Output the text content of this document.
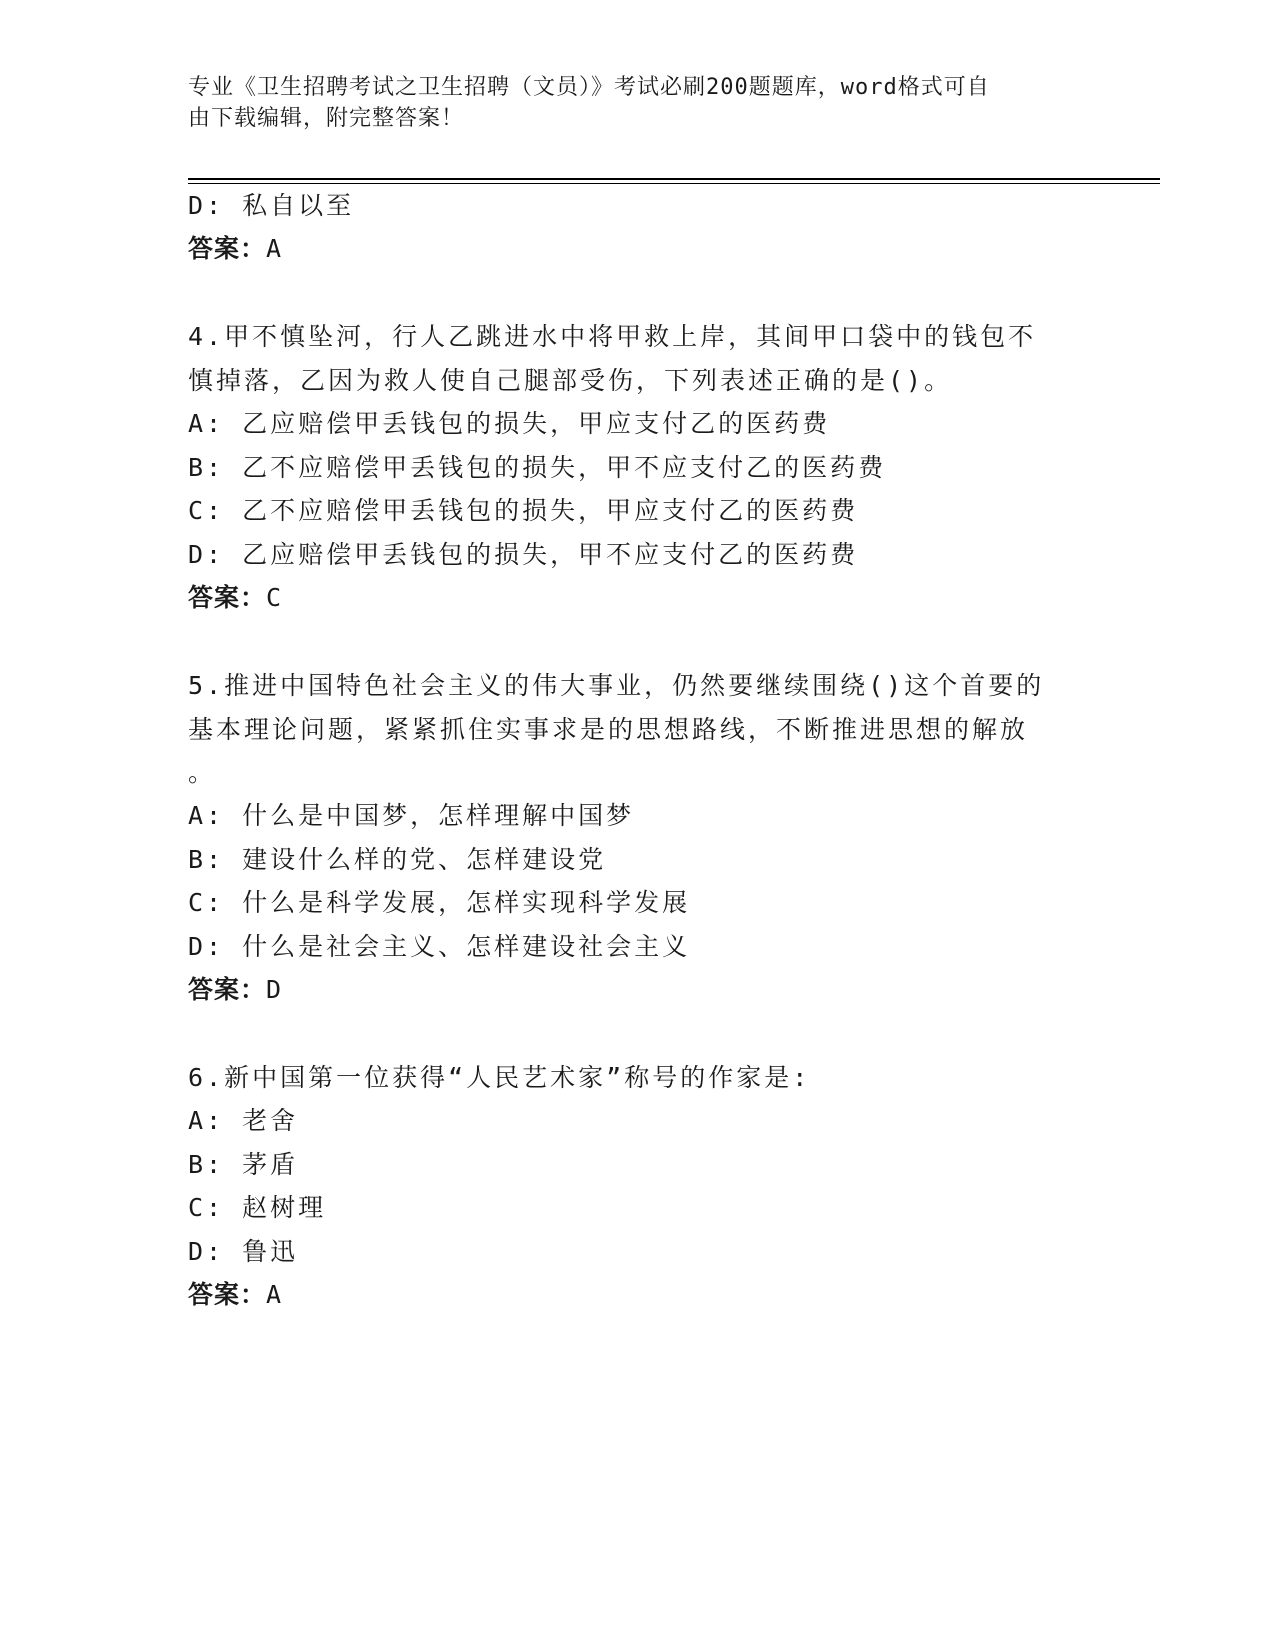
专业《卫生招聘考试之卫生招聘（文员）》考试必刷200题题库，word格式可自
由下载编辑，附完整答案！
D: 私自以至
答案：A
4.甲不慎坠河，行人乙跳进水中将甲救上岸，其间甲口袋中的钱包不
慎掉落，乙因为救人使自己腿部受伤，下列表述正确的是()。
A: 乙应赔偿甲丢钱包的损失，甲应支付乙的医药费
B: 乙不应赔偿甲丢钱包的损失，甲不应支付乙的医药费
C: 乙不应赔偿甲丢钱包的损失，甲应支付乙的医药费
D: 乙应赔偿甲丢钱包的损失，甲不应支付乙的医药费
答案：C
5.推进中国特色社会主义的伟大事业，仍然要继续围绕()这个首要的
基本理论问题，紧紧抓住实事求是的思想路线，不断推进思想的解放
。
A: 什么是中国梦，怎样理解中国梦
B: 建设什么样的党、怎样建设党
C: 什么是科学发展，怎样实现科学发展
D: 什么是社会主义、怎样建设社会主义
答案：D
6.新中国第一位获得“人民艺术家”称号的作家是:
A: 老舍
B: 茅盾
C: 赵树理
D: 鲁迅
答案：A
